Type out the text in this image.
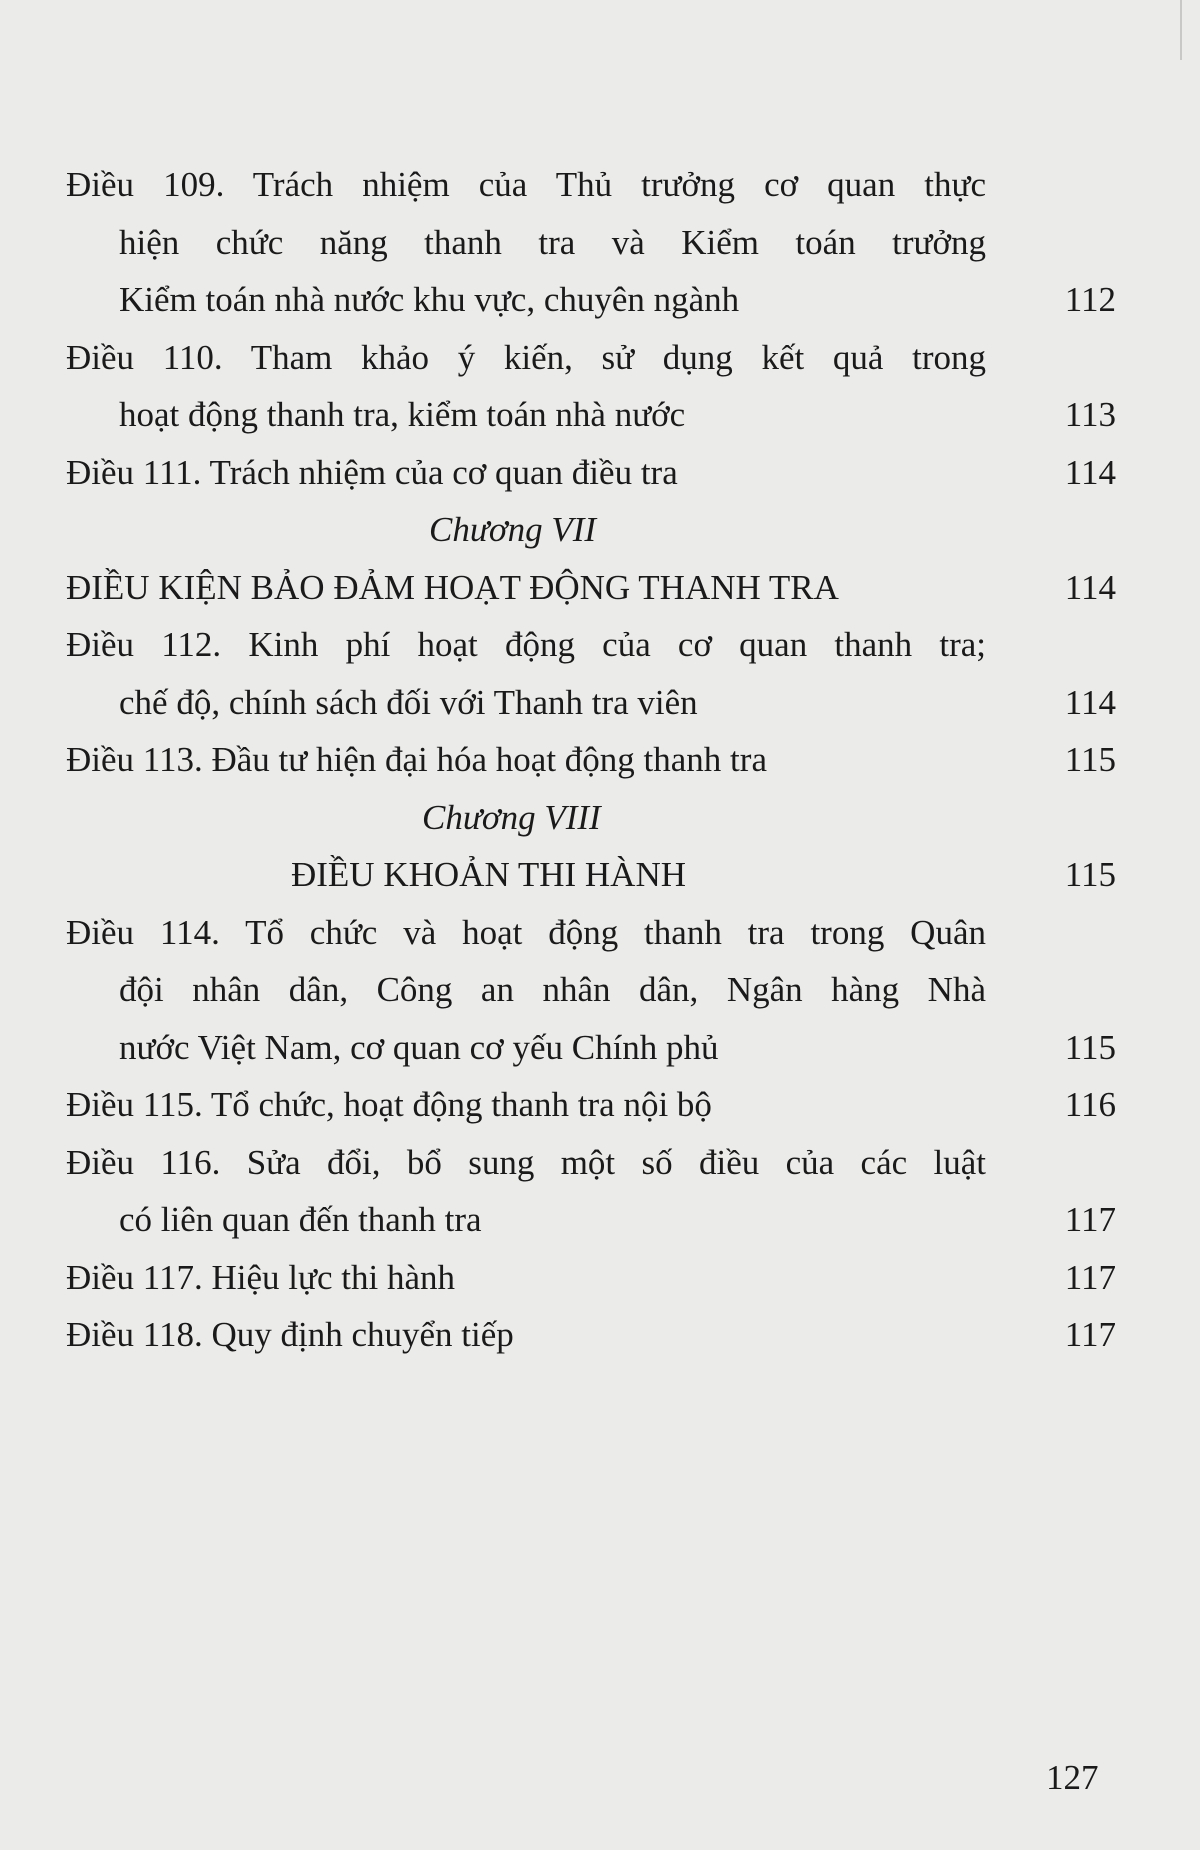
Điều 109. Trách nhiệm của Thủ trưởng cơ quan thực
hiện chức năng thanh tra và Kiểm toán trưởng
Kiểm toán nhà nước khu vực, chuyên ngành	112
Điều 110. Tham khảo ý kiến, sử dụng kết quả trong
hoạt động thanh tra, kiểm toán nhà nước	113
Điều 111. Trách nhiệm của cơ quan điều tra	114
Chương VII
ĐIỀU KIỆN BẢO ĐẢM HOẠT ĐỘNG THANH TRA	114
Điều 112. Kinh phí hoạt động của cơ quan thanh tra;
chế độ, chính sách đối với Thanh tra viên	114
Điều 113. Đầu tư hiện đại hóa hoạt động thanh tra	115
Chương VIII
ĐIỀU KHOẢN THI HÀNH	115
Điều 114. Tổ chức và hoạt động thanh tra trong Quân
đội nhân dân, Công an nhân dân, Ngân hàng Nhà
nước Việt Nam, cơ quan cơ yếu Chính phủ	115
Điều 115. Tổ chức, hoạt động thanh tra nội bộ	116
Điều 116. Sửa đổi, bổ sung một số điều của các luật
có liên quan đến thanh tra	117
Điều 117. Hiệu lực thi hành	117
Điều 118. Quy định chuyển tiếp	117
127
